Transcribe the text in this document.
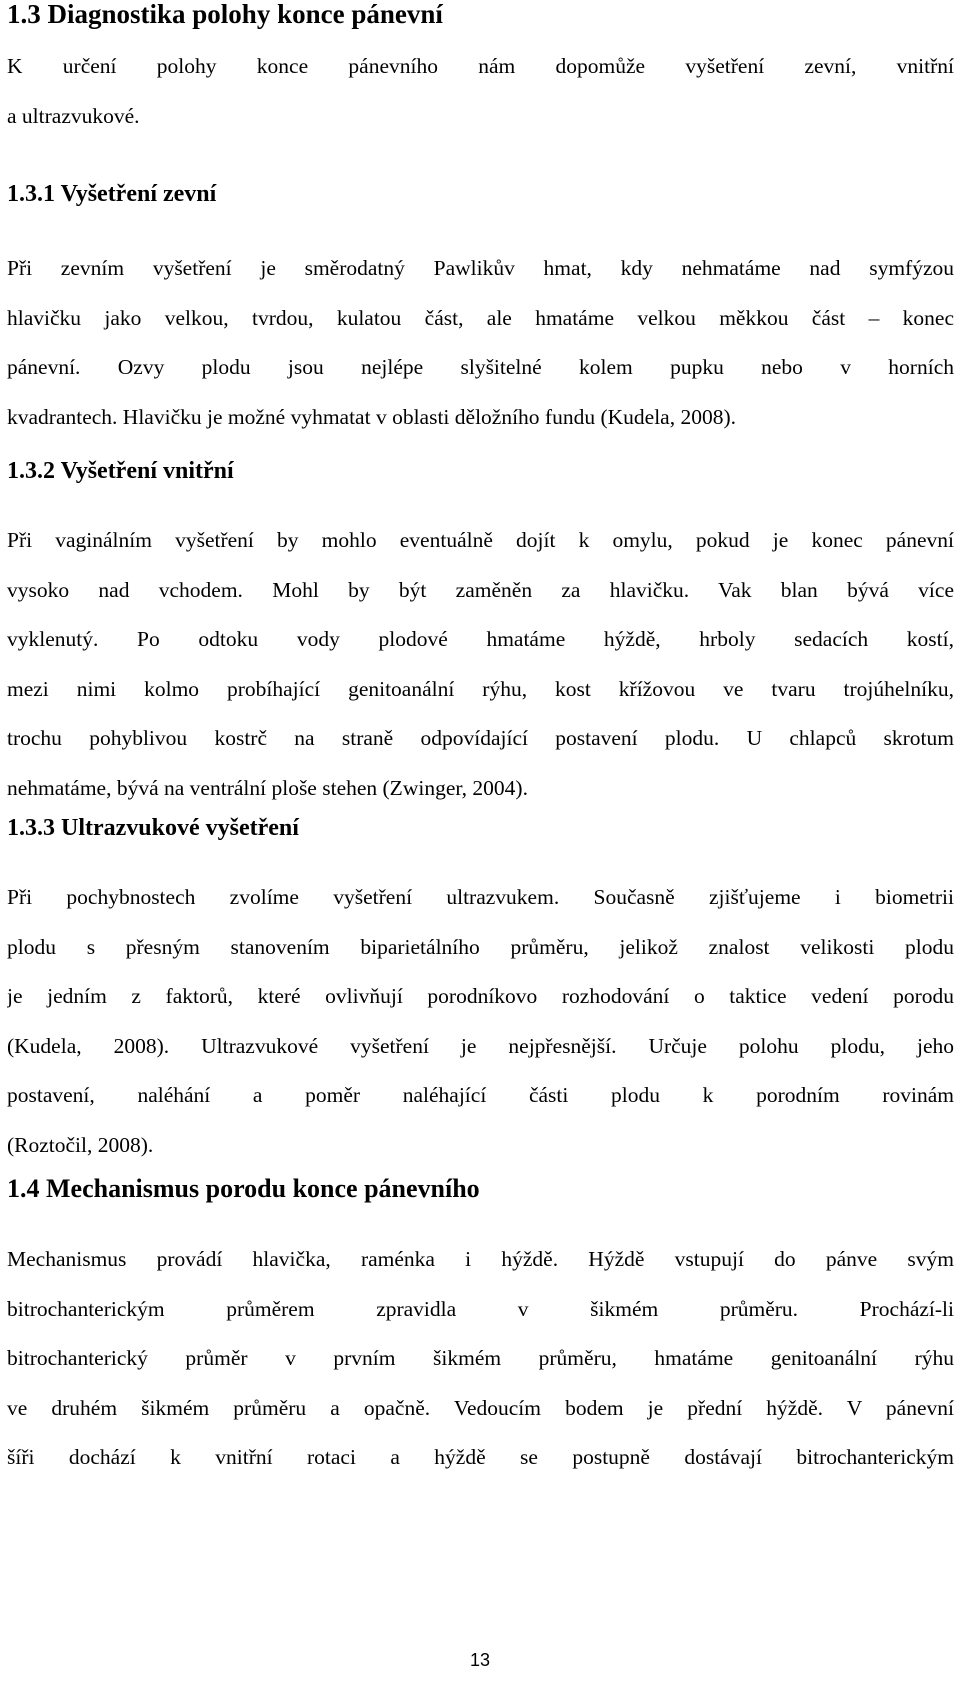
1.3 Diagnostika polohy konce pánevní
K určení polohy konce pánevního nám dopomůže vyšetření zevní, vnitřní
a ultrazvukové.
1.3.1 Vyšetření zevní
Při zevním vyšetření je směrodatný Pawlikův hmat, kdy nehmatáme nad symfýzou
hlavičku jako velkou, tvrdou, kulatou část, ale hmatáme velkou měkkou část – konec
pánevní. Ozvy plodu jsou nejlépe slyšitelné kolem pupku nebo v horních
kvadrantech. Hlavičku je možné vyhmatat v oblasti děložního fundu (Kudela, 2008).
1.3.2 Vyšetření vnitřní
Při vaginálním vyšetření by mohlo eventuálně dojít k omylu, pokud je konec pánevní
vysoko nad vchodem. Mohl by být zaměněn za hlavičku. Vak blan bývá více
vyklenutý. Po odtoku vody plodové hmatáme hýždě, hrboly sedacích kostí,
mezi nimi kolmo probíhající genitoanální rýhu, kost křížovou ve tvaru trojúhelníku,
trochu pohyblivou kostrč na straně odpovídající postavení plodu. U chlapců skrotum
nehmatáme, bývá na ventrální ploše stehen (Zwinger, 2004).
1.3.3 Ultrazvukové vyšetření
Při pochybnostech zvolíme vyšetření ultrazvukem. Současně zjišťujeme i biometrii
plodu s přesným stanovením biparietálního průměru, jelikož znalost velikosti plodu
je jedním z faktorů, které ovlivňují porodníkovo rozhodování o taktice vedení porodu
(Kudela, 2008). Ultrazvukové vyšetření je nejpřesnější. Určuje polohu plodu, jeho
postavení, naléhání a poměr naléhající části plodu k porodním rovinám
(Roztočil, 2008).
1.4 Mechanismus porodu konce pánevního
Mechanismus provádí hlavička, raménka i hýždě. Hýždě vstupují do pánve svým
bitrochanterickým průměrem zpravidla v šikmém průměru. Prochází-li
bitrochanterický průměr v prvním šikmém průměru, hmatáme genitoanální rýhu
ve druhém šikmém průměru a opačně. Vedoucím bodem je přední hýždě. V pánevní
šíři dochází k vnitřní rotaci a hýždě se postupně dostávají bitrochanterickým
13
